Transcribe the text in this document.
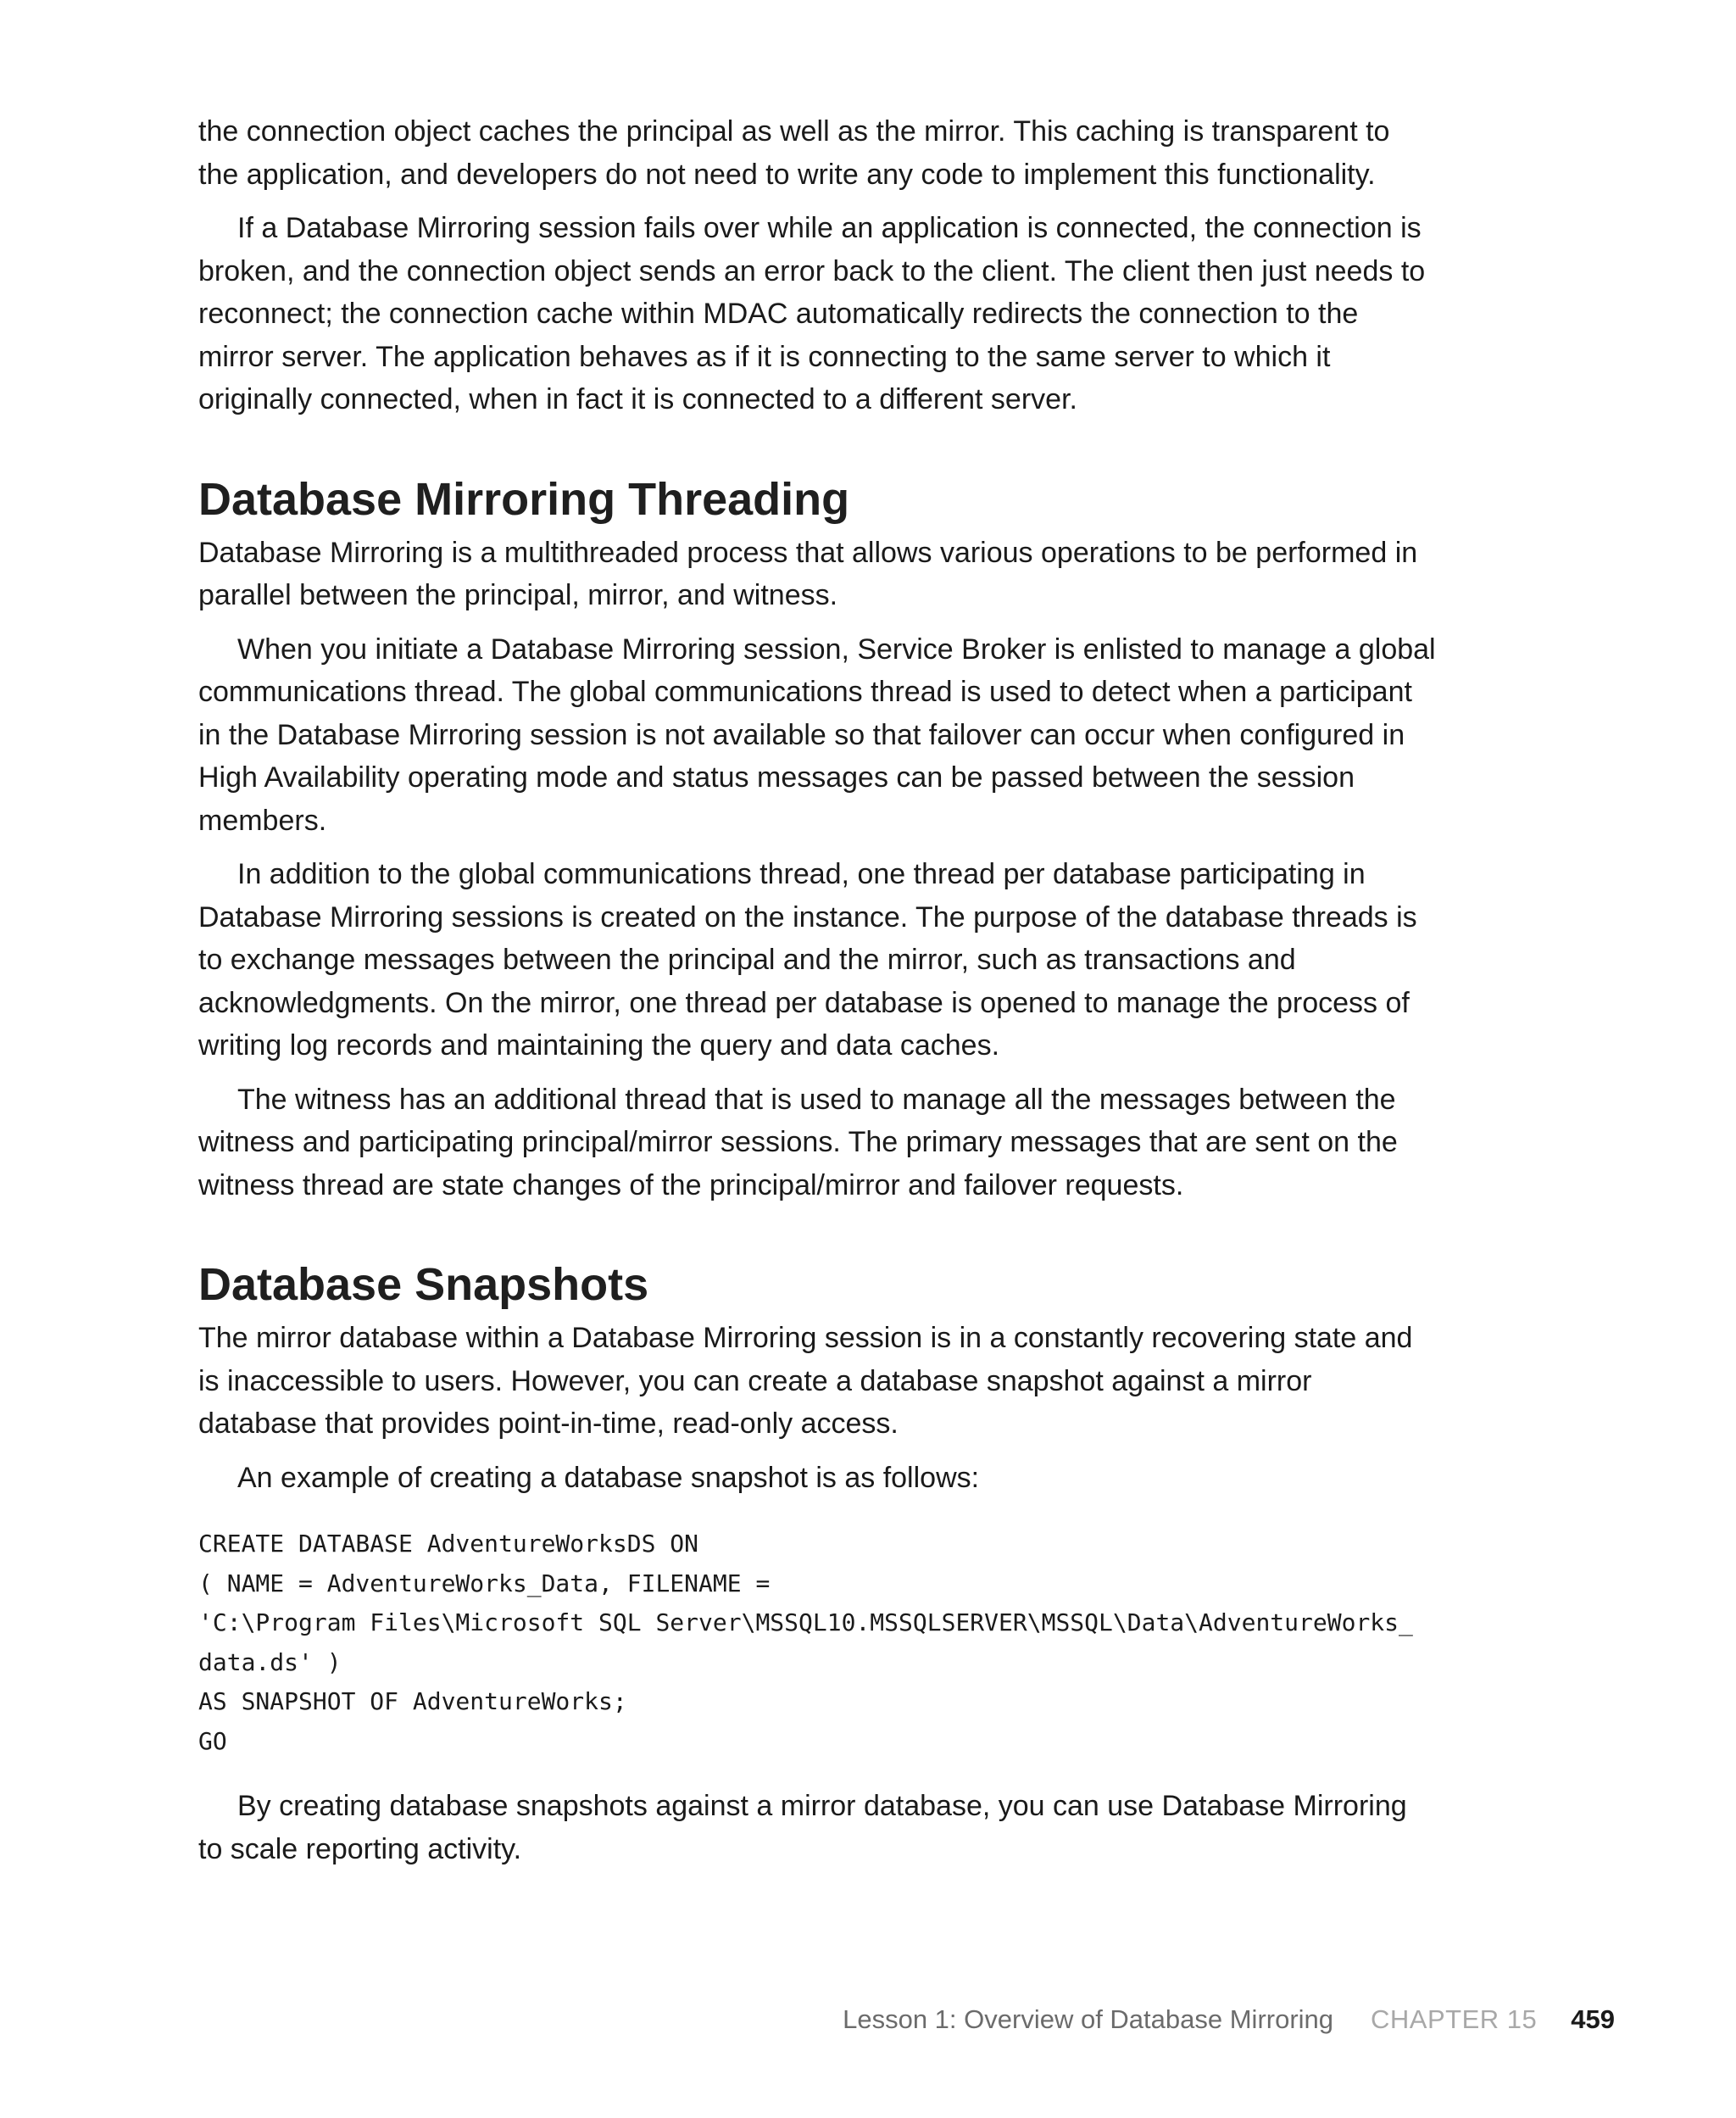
the connection object caches the principal as well as the mirror. This caching is transparent to the application, and developers do not need to write any code to implement this functionality.

If a Database Mirroring session fails over while an application is connected, the connection is broken, and the connection object sends an error back to the client. The client then just needs to reconnect; the connection cache within MDAC automatically redirects the connection to the mirror server. The application behaves as if it is connecting to the same server to which it originally connected, when in fact it is connected to a different server.

Database Mirroring Threading

Database Mirroring is a multithreaded process that allows various operations to be performed in parallel between the principal, mirror, and witness.

When you initiate a Database Mirroring session, Service Broker is enlisted to manage a global communications thread. The global communications thread is used to detect when a participant in the Database Mirroring session is not available so that failover can occur when configured in High Availability operating mode and status messages can be passed between the session members.

In addition to the global communications thread, one thread per database participating in Database Mirroring sessions is created on the instance. The purpose of the database threads is to exchange messages between the principal and the mirror, such as transactions and acknowledgments. On the mirror, one thread per database is opened to manage the process of writing log records and maintaining the query and data caches.

The witness has an additional thread that is used to manage all the messages between the witness and participating principal/mirror sessions. The primary messages that are sent on the witness thread are state changes of the principal/mirror and failover requests.

Database Snapshots

The mirror database within a Database Mirroring session is in a constantly recovering state and is inaccessible to users. However, you can create a database snapshot against a mirror database that provides point-in-time, read-only access.

An example of creating a database snapshot is as follows:

CREATE DATABASE AdventureWorksDS ON
( NAME = AdventureWorks_Data, FILENAME =
'C:\Program Files\Microsoft SQL Server\MSSQL10.MSSQLSERVER\MSSQL\Data\AdventureWorks_
data.ds' )
AS SNAPSHOT OF AdventureWorks;
GO

By creating database snapshots against a mirror database, you can use Database Mirroring to scale reporting activity.

Lesson 1: Overview of Database Mirroring CHAPTER 15 459
